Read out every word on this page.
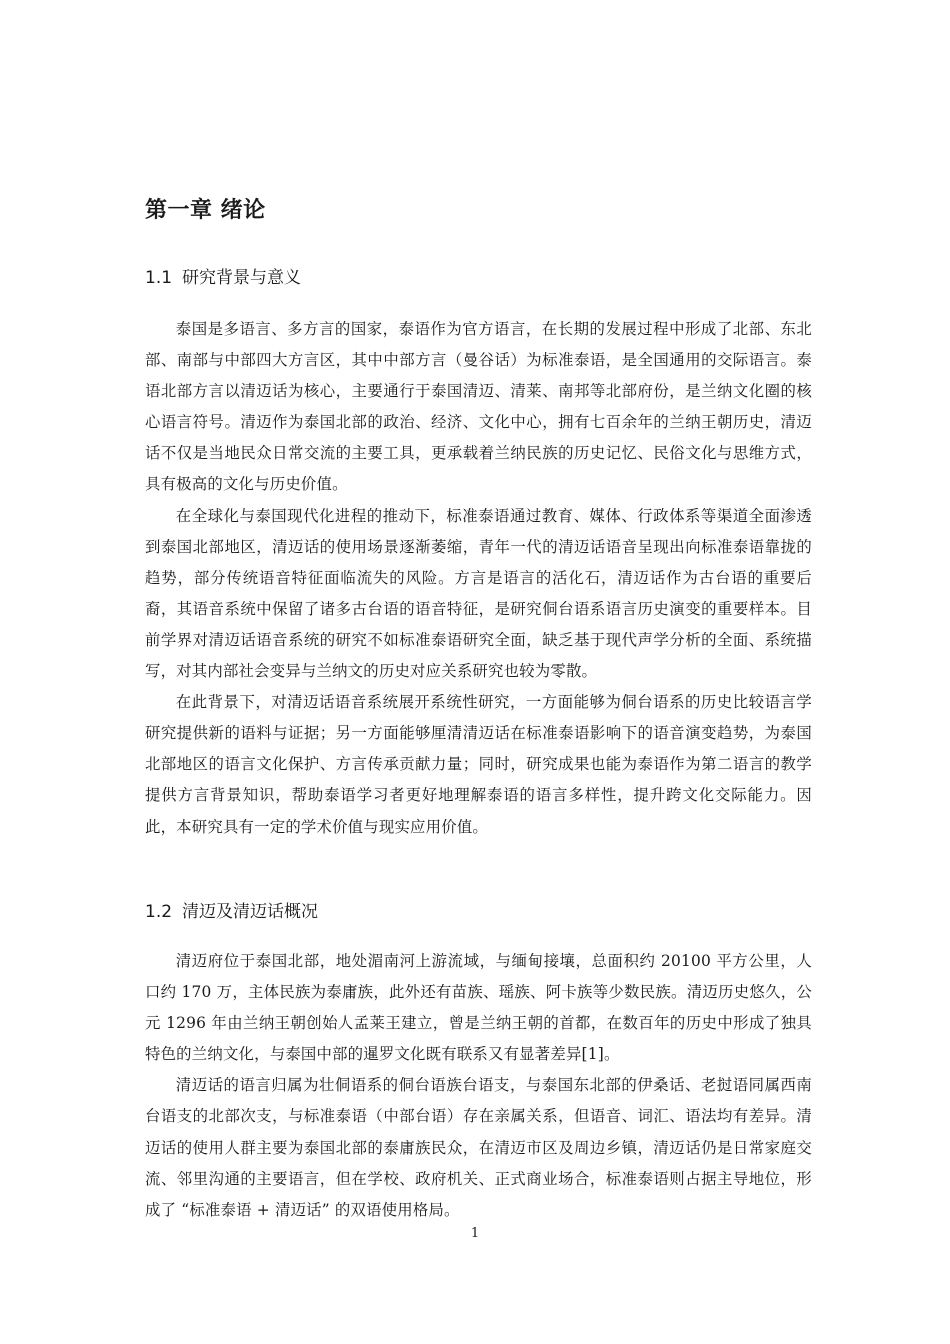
第一章 绪论
1.1 研究背景与意义

泰国是多语言、多方言的国家，泰语作为官方语言，在长期的发展过程中形成了北部、东北部、南部与中部四大方言区，其中中部方言（曼谷话）为标准泰语，是全国通用的交际语言。泰语北部方言以清迈话为核心，主要通行于泰国清迈、清莱、南邦等北部府份，是兰纳文化圈的核心语言符号。清迈作为泰国北部的政治、经济、文化中心，拥有七百余年的兰纳王朝历史，清迈话不仅是当地民众日常交流的主要工具，更承载着兰纳民族的历史记忆、民俗文化与思维方式，具有极高的文化与历史价值。

在全球化与泰国现代化进程的推动下，标准泰语通过教育、媒体、行政体系等渠道全面渗透到泰国北部地区，清迈话的使用场景逐渐萎缩，青年一代的清迈话语音呈现出向标准泰语靠拢的趋势，部分传统语音特征面临流失的风险。方言是语言的活化石，清迈话作为古台语的重要后裔，其语音系统中保留了诸多古台语的语音特征，是研究侗台语系语言历史演变的重要样本。目前学界对清迈话语音系统的研究不如标准泰语研究全面，缺乏基于现代声学分析的全面、系统描写，对其内部社会变异与兰纳文的历史对应关系研究也较为零散。

在此背景下，对清迈话语音系统展开系统性研究，一方面能够为侗台语系的历史比较语言学研究提供新的语料与证据；另一方面能够厘清清迈话在标准泰语影响下的语音演变趋势，为泰国北部地区的语言文化保护、方言传承贡献力量；同时，研究成果也能为泰语作为第二语言的教学提供方言背景知识，帮助泰语学习者更好地理解泰语的语言多样性，提升跨文化交际能力。因此，本研究具有一定的学术价值与现实应用价值。

1.2 清迈及清迈话概况

清迈府位于泰国北部，地处湄南河上游流域，与缅甸接壤，总面积约 20100 平方公里，人口约 170 万，主体民族为泰庸族，此外还有苗族、瑶族、阿卡族等少数民族。清迈历史悠久，公元 1296 年由兰纳王朝创始人孟莱王建立，曾是兰纳王朝的首都，在数百年的历史中形成了独具特色的兰纳文化，与泰国中部的暹罗文化既有联系又有显著差异[1]。

清迈话的语言归属为壮侗语系的侗台语族台语支，与泰国东北部的伊桑话、老挝语同属西南台语支的北部次支，与标准泰语（中部台语）存在亲属关系，但语音、词汇、语法均有差异。清迈话的使用人群主要为泰国北部的泰庸族民众，在清迈市区及周边乡镇，清迈话仍是日常家庭交流、邻里沟通的主要语言，但在学校、政府机关、正式商业场合，标准泰语则占据主导地位，形成了 “标准泰语 + 清迈话” 的双语使用格局。

1
